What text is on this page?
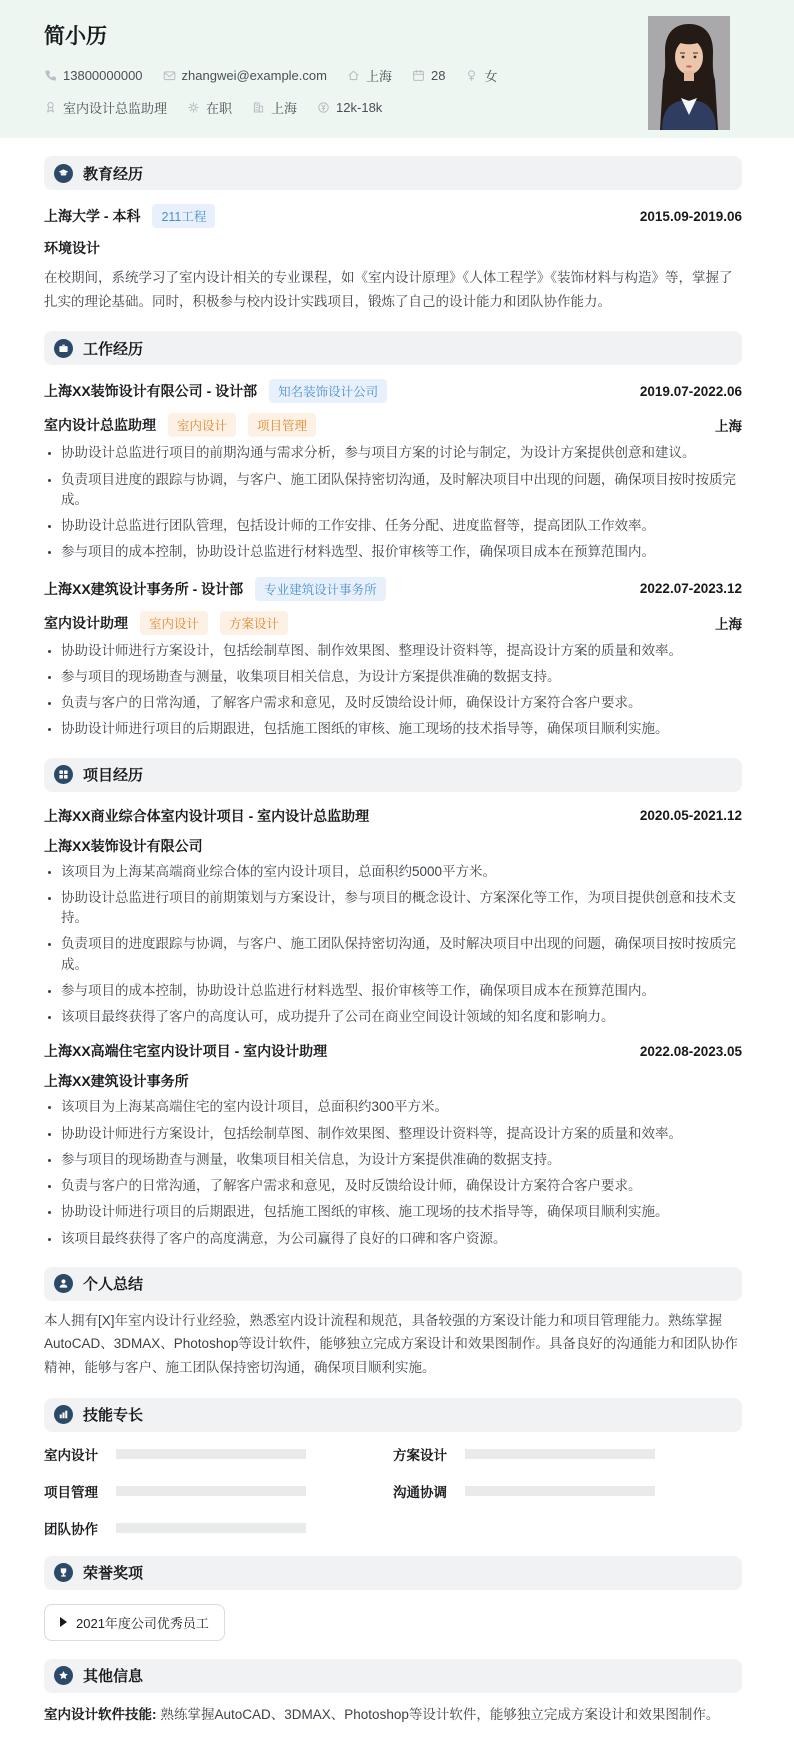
简小历
13800000000	zhangwei@example.com	上海	28	女
室内设计总监助理	在职	上海	12k-18k
教育经历
上海大学 - 本科	211工程	2015.09-2019.06
环境设计

在校期间，系统学习了室内设计相关的专业课程，如《室内设计原理》《人体工程学》《装饰材料与构造》等，掌握了扎实的理论基础。同时，积极参与校内设计实践项目，锻炼了自己的设计能力和团队协作能力。

工作经历
上海XX装饰设计有限公司 - 设计部	知名装饰设计公司	2019.07-2022.06
室内设计总监助理	室内设计	项目管理	上海
• 协助设计总监进行项目的前期沟通与需求分析，参与项目方案的讨论与制定，为设计方案提供创意和建议。
• 负责项目进度的跟踪与协调，与客户、施工团队保持密切沟通，及时解决项目中出现的问题，确保项目按时按质完成。
• 协助设计总监进行团队管理，包括设计师的工作安排、任务分配、进度监督等，提高团队工作效率。
• 参与项目的成本控制，协助设计总监进行材料选型、报价审核等工作，确保项目成本在预算范围内。
上海XX建筑设计事务所 - 设计部	专业建筑设计事务所	2022.07-2023.12
室内设计助理	室内设计	方案设计	上海
• 协助设计师进行方案设计，包括绘制草图、制作效果图、整理设计资料等，提高设计方案的质量和效率。
• 参与项目的现场勘查与测量，收集项目相关信息，为设计方案提供准确的数据支持。
• 负责与客户的日常沟通，了解客户需求和意见，及时反馈给设计师，确保设计方案符合客户要求。
• 协助设计师进行项目的后期跟进，包括施工图纸的审核、施工现场的技术指导等，确保项目顺利实施。
项目经历
上海XX商业综合体室内设计项目 - 室内设计总监助理	2020.05-2021.12
上海XX装饰设计有限公司
• 该项目为上海某高端商业综合体的室内设计项目，总面积约5000平方米。
• 协助设计总监进行项目的前期策划与方案设计，参与项目的概念设计、方案深化等工作，为项目提供创意和技术支持。
• 负责项目的进度跟踪与协调，与客户、施工团队保持密切沟通，及时解决项目中出现的问题，确保项目按时按质完成。
• 参与项目的成本控制，协助设计总监进行材料选型、报价审核等工作，确保项目成本在预算范围内。
• 该项目最终获得了客户的高度认可，成功提升了公司在商业空间设计领域的知名度和影响力。
上海XX高端住宅室内设计项目 - 室内设计助理	2022.08-2023.05
上海XX建筑设计事务所
• 该项目为上海某高端住宅的室内设计项目，总面积约300平方米。
• 协助设计师进行方案设计，包括绘制草图、制作效果图、整理设计资料等，提高设计方案的质量和效率。
• 参与项目的现场勘查与测量，收集项目相关信息，为设计方案提供准确的数据支持。
• 负责与客户的日常沟通，了解客户需求和意见，及时反馈给设计师，确保设计方案符合客户要求。
• 协助设计师进行项目的后期跟进，包括施工图纸的审核、施工现场的技术指导等，确保项目顺利实施。
• 该项目最终获得了客户的高度满意，为公司赢得了良好的口碑和客户资源。
个人总结

本人拥有[X]年室内设计行业经验，熟悉室内设计流程和规范，具备较强的方案设计能力和项目管理能力。熟练掌握AutoCAD、3DMAX、Photoshop等设计软件，能够独立完成方案设计和效果图制作。具备良好的沟通能力和团队协作精神，能够与客户、施工团队保持密切沟通，确保项目顺利实施。

技能专长
室内设计	方案设计
项目管理	沟通协调
团队协作
荣誉奖项
2021年度公司优秀员工
其他信息

室内设计软件技能: 熟练掌握AutoCAD、3DMAX、Photoshop等设计软件，能够独立完成方案设计和效果图制作。
